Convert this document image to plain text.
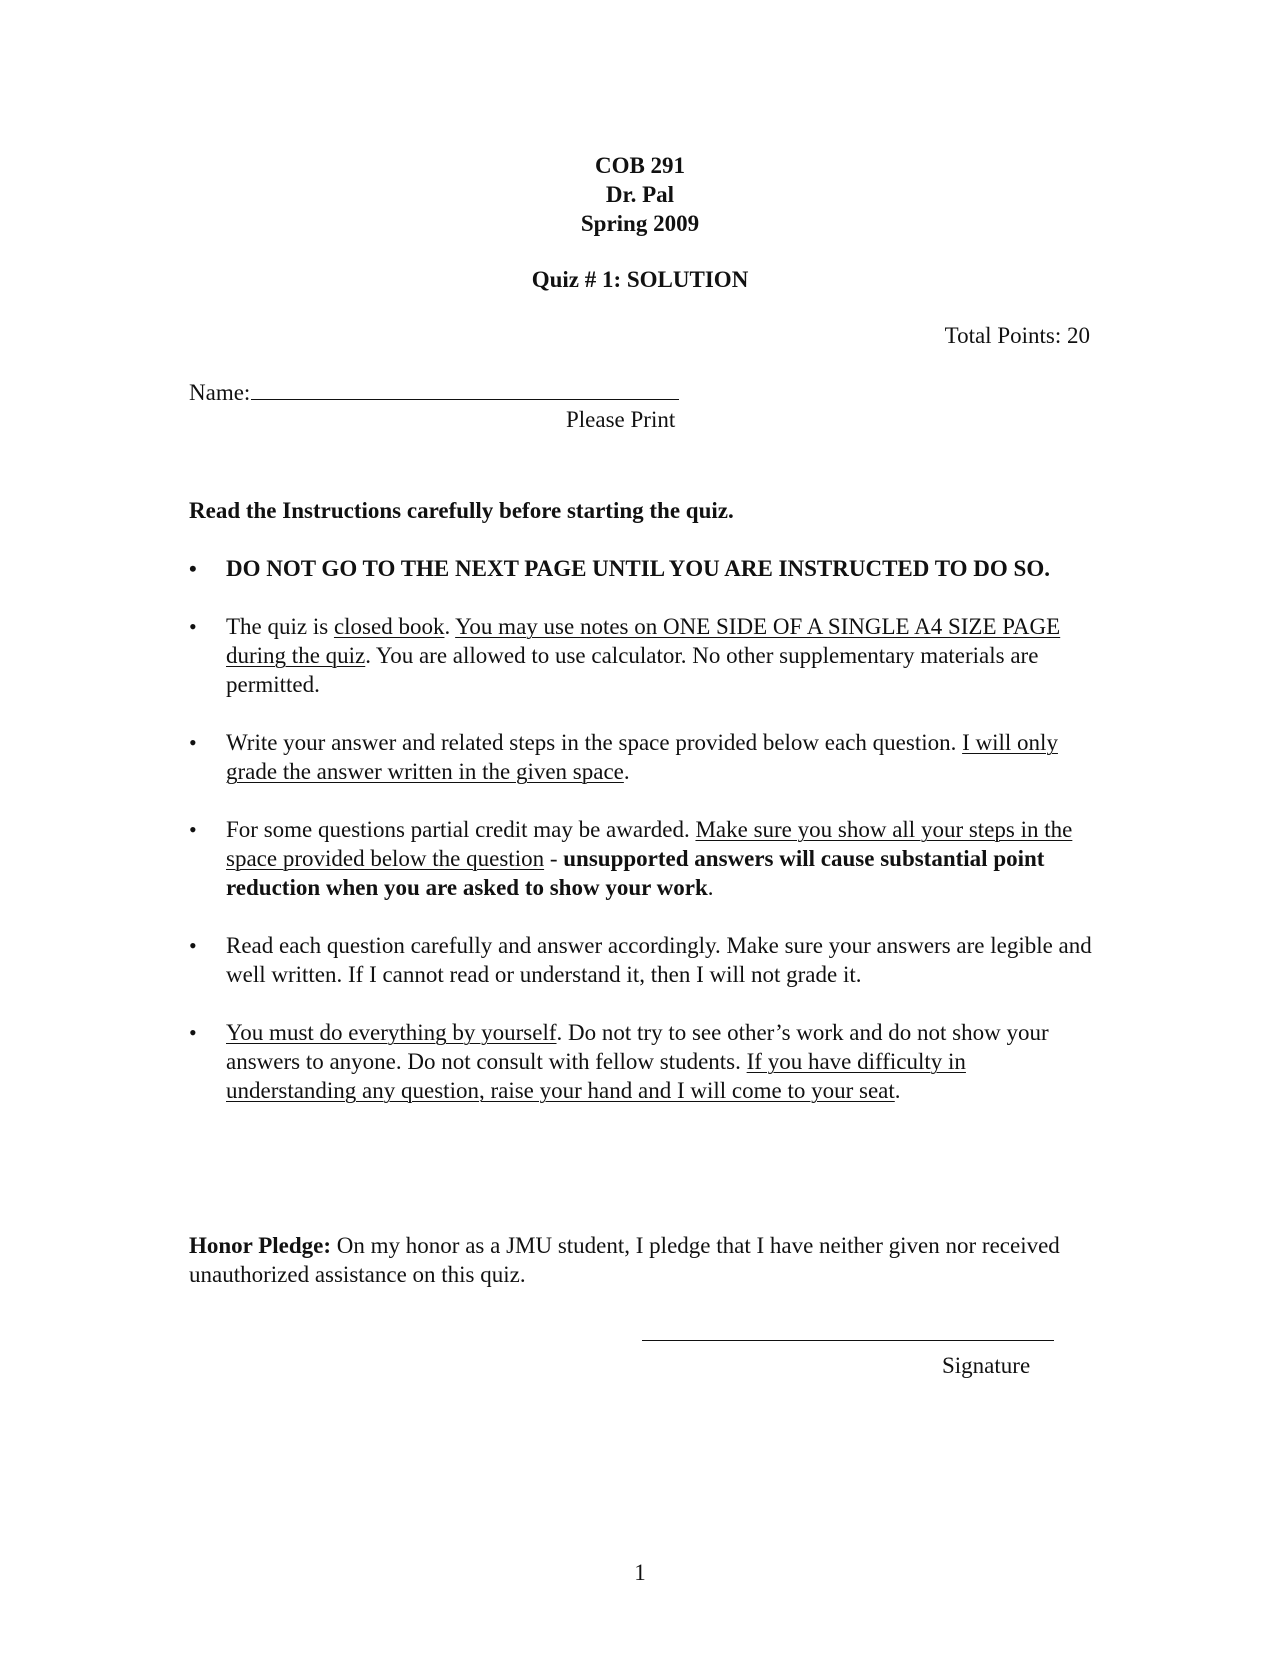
COB 291
Dr. Pal
Spring 2009
Quiz # 1: SOLUTION
Total Points: 20
Name:
Please Print
Read the Instructions carefully before starting the quiz.
•	DO NOT GO TO THE NEXT PAGE UNTIL YOU ARE INSTRUCTED TO DO SO.
•	The quiz is closed book. You may use notes on ONE SIDE OF A SINGLE A4 SIZE PAGE during the quiz. You are allowed to use calculator. No other supplementary materials are permitted.
•	Write your answer and related steps in the space provided below each question. I will only grade the answer written in the given space.
•	For some questions partial credit may be awarded. Make sure you show all your steps in the space provided below the question - unsupported answers will cause substantial point reduction when you are asked to show your work.
•	Read each question carefully and answer accordingly. Make sure your answers are legible and well written. If I cannot read or understand it, then I will not grade it.
•	You must do everything by yourself. Do not try to see other’s work and do not show your answers to anyone. Do not consult with fellow students. If you have difficulty in understanding any question, raise your hand and I will come to your seat.
Honor Pledge: On my honor as a JMU student, I pledge that I have neither given nor received unauthorized assistance on this quiz.
Signature
1
